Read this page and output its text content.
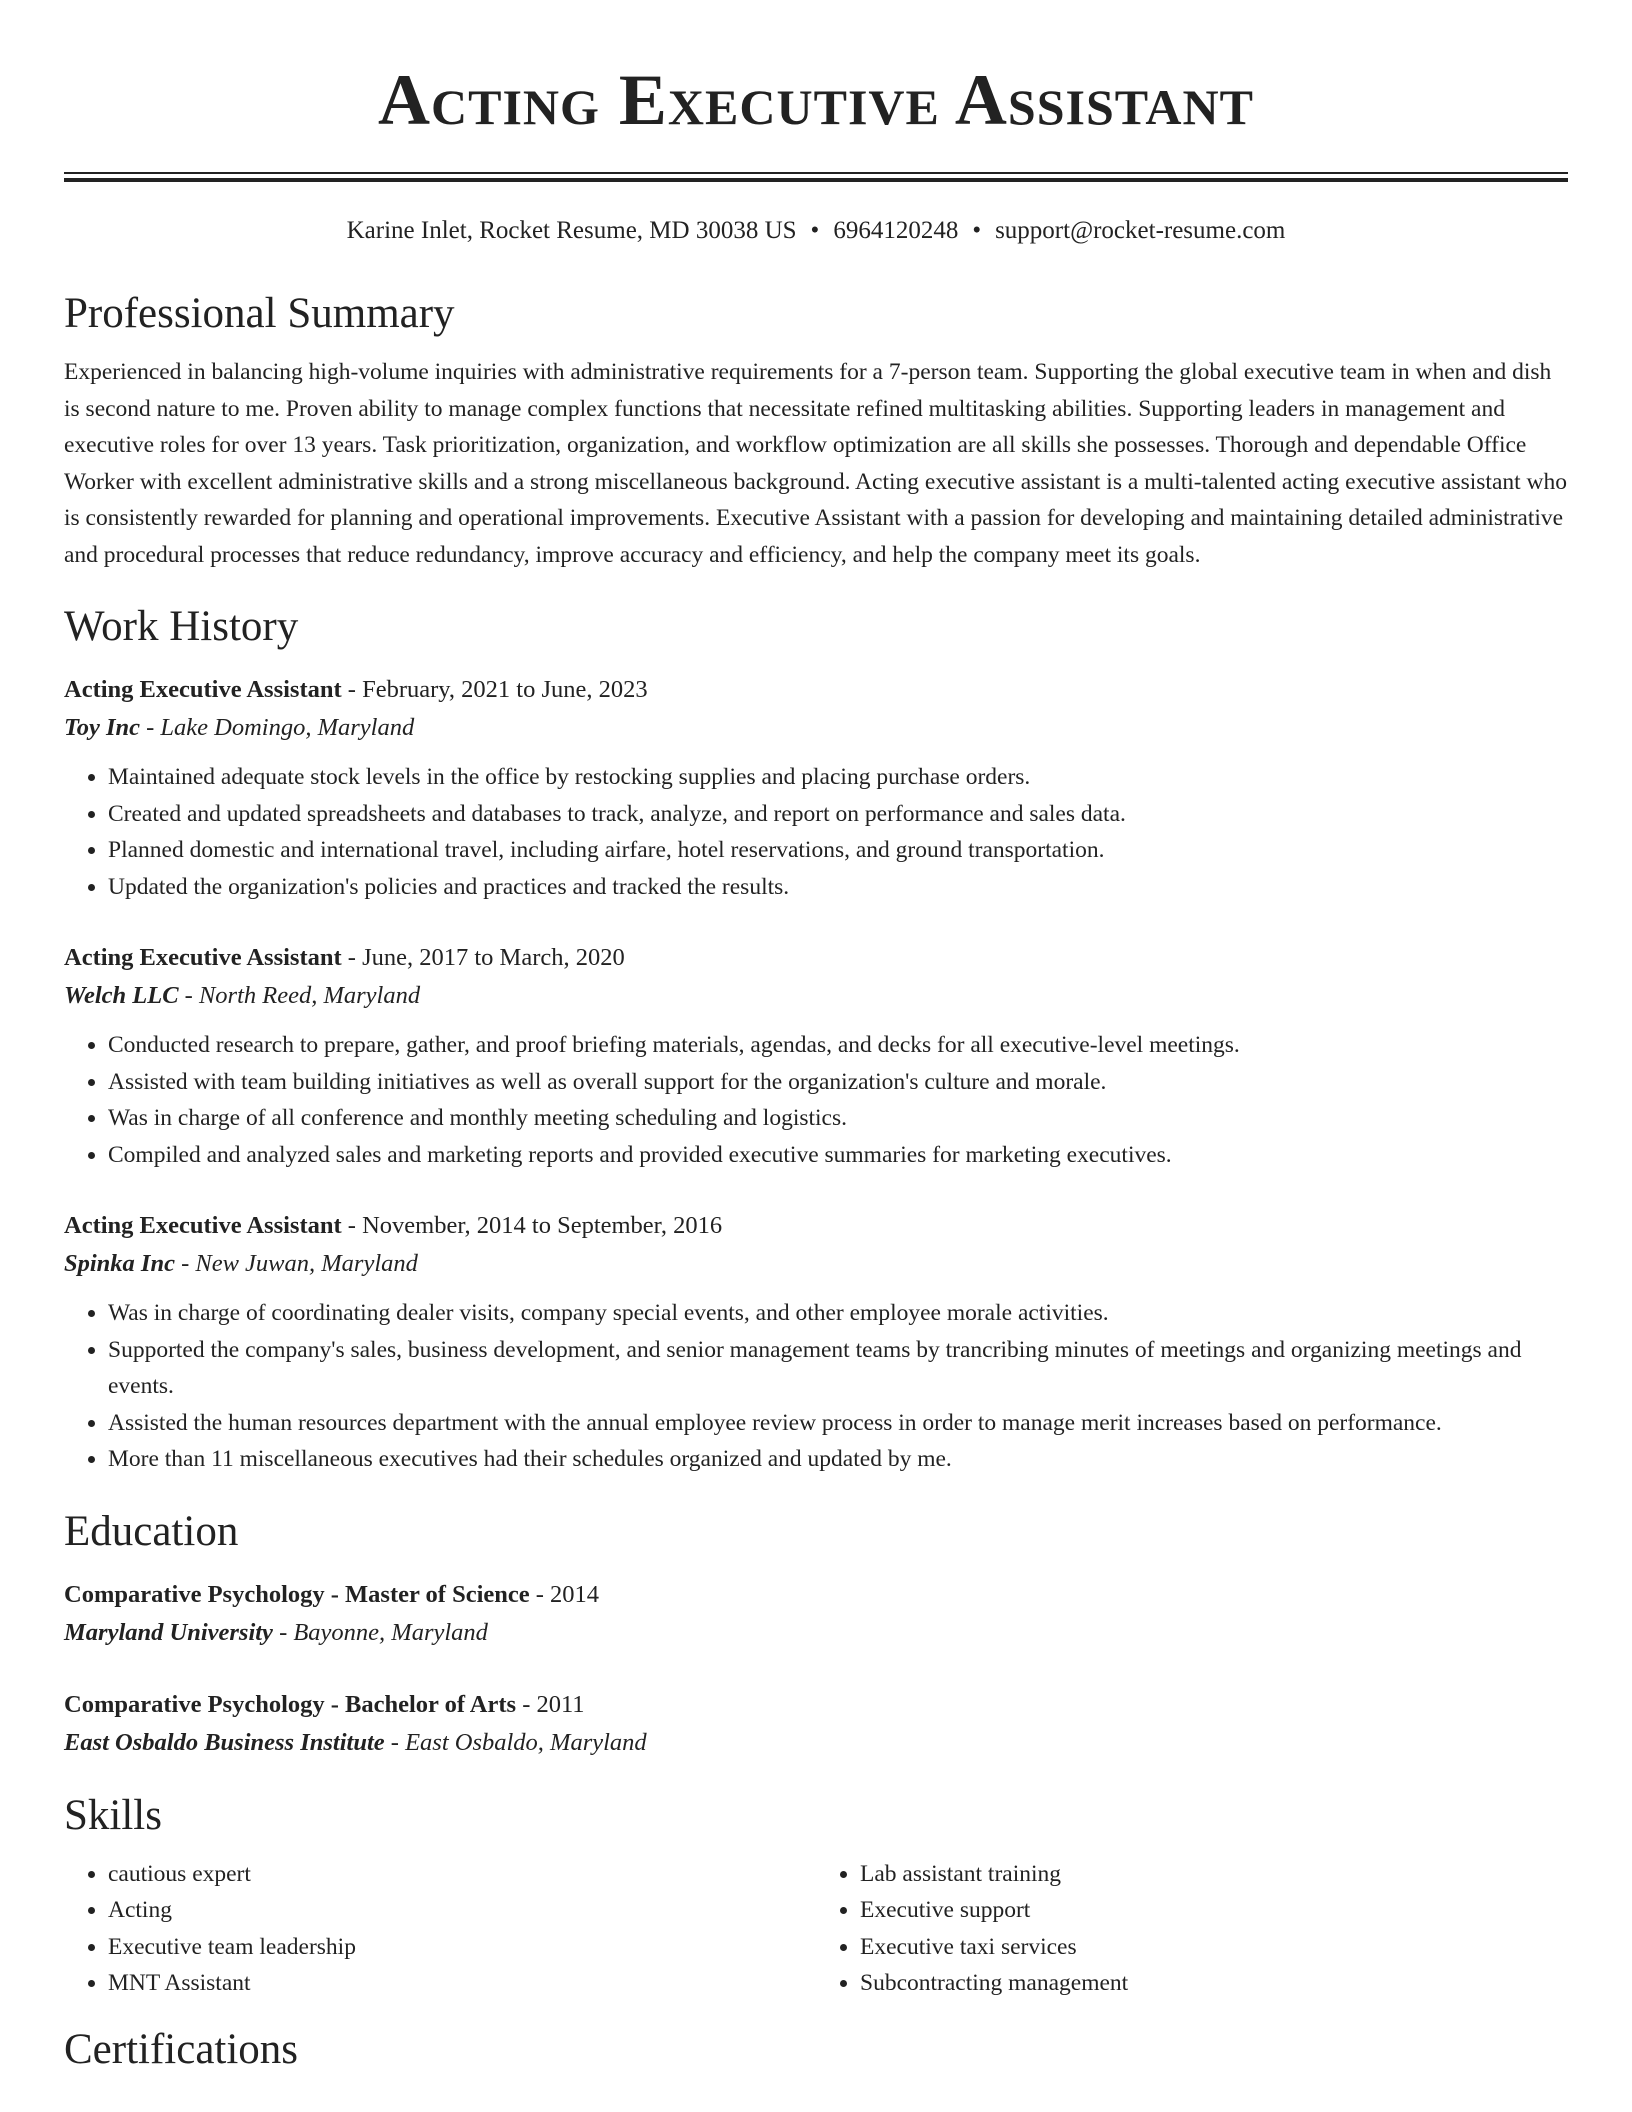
Acting Executive Assistant
Karine Inlet, Rocket Resume, MD 30038 US • 6964120248 • support@rocket-resume.com
Professional Summary

Experienced in balancing high-volume inquiries with administrative requirements for a 7-person team. Supporting the global executive team in when and dish is second nature to me. Proven ability to manage complex functions that necessitate refined multitasking abilities. Supporting leaders in management and executive roles for over 13 years. Task prioritization, organization, and workflow optimization are all skills she possesses. Thorough and dependable Office Worker with excellent administrative skills and a strong miscellaneous background. Acting executive assistant is a multi-talented acting executive assistant who is consistently rewarded for planning and operational improvements. Executive Assistant with a passion for developing and maintaining detailed administrative and procedural processes that reduce redundancy, improve accuracy and efficiency, and help the company meet its goals.

Work History
Acting Executive Assistant - February, 2021 to June, 2023
Toy Inc - Lake Domingo, Maryland
• Maintained adequate stock levels in the office by restocking supplies and placing purchase orders.
• Created and updated spreadsheets and databases to track, analyze, and report on performance and sales data.
• Planned domestic and international travel, including airfare, hotel reservations, and ground transportation.
• Updated the organization's policies and practices and tracked the results.
Acting Executive Assistant - June, 2017 to March, 2020
Welch LLC - North Reed, Maryland
• Conducted research to prepare, gather, and proof briefing materials, agendas, and decks for all executive-level meetings.
• Assisted with team building initiatives as well as overall support for the organization's culture and morale.
• Was in charge of all conference and monthly meeting scheduling and logistics.
• Compiled and analyzed sales and marketing reports and provided executive summaries for marketing executives.
Acting Executive Assistant - November, 2014 to September, 2016
Spinka Inc - New Juwan, Maryland
• Was in charge of coordinating dealer visits, company special events, and other employee morale activities.
• Supported the company's sales, business development, and senior management teams by trancribing minutes of meetings and organizing meetings and events.
• Assisted the human resources department with the annual employee review process in order to manage merit increases based on performance.
• More than 11 miscellaneous executives had their schedules organized and updated by me.
Education
Comparative Psychology - Master of Science - 2014
Maryland University - Bayonne, Maryland
Comparative Psychology - Bachelor of Arts - 2011
East Osbaldo Business Institute - East Osbaldo, Maryland
Skills
• cautious expert
• Acting
• Executive team leadership
• MNT Assistant
• Lab assistant training
• Executive support
• Executive taxi services
• Subcontracting management
Certifications
